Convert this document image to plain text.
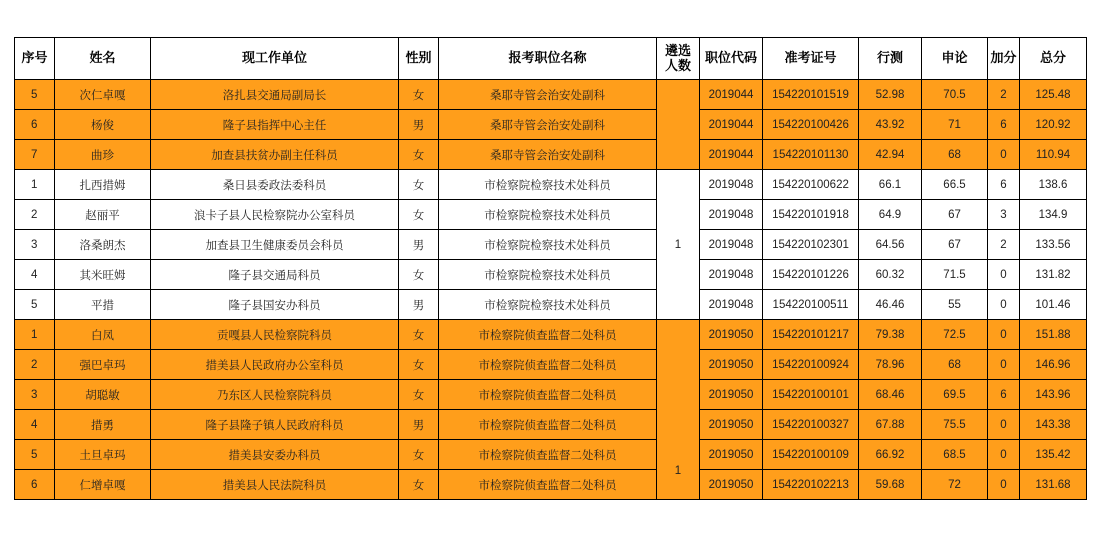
序号	姓名	现工作单位	性别	报考职位名称	遴选人数	职位代码	准考证号	行测	申论	加分	总分
5	次仁卓嘎	洛扎县交通局副局长	女	桑耶寺管会治安处副科		2019044	154220101519	52.98	70.5	2	125.48
6	杨俊	隆子县指挥中心主任	男	桑耶寺管会治安处副科		2019044	154220100426	43.92	71	6	120.92
7	曲珍	加查县扶贫办副主任科员	女	桑耶寺管会治安处副科		2019044	154220101130	42.94	68	0	110.94
1	扎西措姆	桑日县委政法委科员	女	市检察院检察技术处科员	1	2019048	154220100622	66.1	66.5	6	138.6
2	赵丽平	浪卡子县人民检察院办公室科员	女	市检察院检察技术处科员		2019048	154220101918	64.9	67	3	134.9
3	洛桑朗杰	加查县卫生健康委员会科员	男	市检察院检察技术处科员		2019048	154220102301	64.56	67	2	133.56
4	其米旺姆	隆子县交通局科员	女	市检察院检察技术处科员		2019048	154220101226	60.32	71.5	0	131.82
5	平措	隆子县国安办科员	男	市检察院检察技术处科员		2019048	154220100511	46.46	55	0	101.46
1	白凤	贡嘎县人民检察院科员	女	市检察院侦查监督二处科员	1	2019050	154220101217	79.38	72.5	0	151.88
2	强巴卓玛	措美县人民政府办公室科员	女	市检察院侦查监督二处科员		2019050	154220100924	78.96	68	0	146.96
3	胡聪敏	乃东区人民检察院科员	女	市检察院侦查监督二处科员		2019050	154220100101	68.46	69.5	6	143.96
4	措勇	隆子县隆子镇人民政府科员	男	市检察院侦查监督二处科员		2019050	154220100327	67.88	75.5	0	143.38
5	土旦卓玛	措美县安委办科员	女	市检察院侦查监督二处科员		2019050	154220100109	66.92	68.5	0	135.42
6	仁增卓嘎	措美县人民法院科员	女	市检察院侦查监督二处科员		2019050	154220102213	59.68	72	0	131.68
